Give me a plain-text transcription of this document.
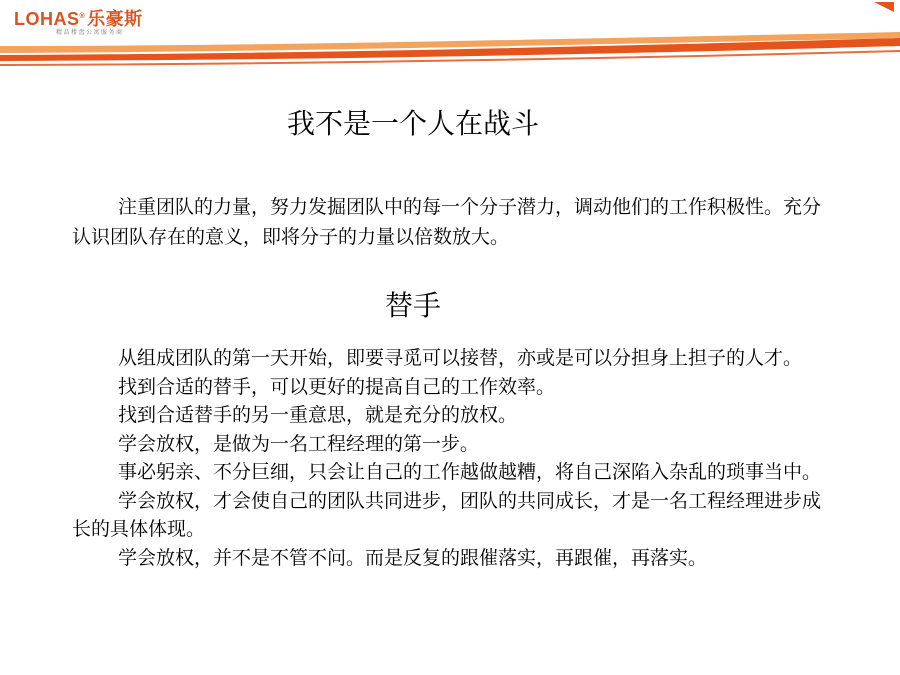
LOHAS® 乐豪斯
精品楼盘公寓服务商
我不是一个人在战斗

注重团队的力量，努力发掘团队中的每一个分子潜力，调动他们的工作积极性。充分认识团队存在的意义，即将分子的力量以倍数放大。

替手

从组成团队的第一天开始，即要寻觅可以接替，亦或是可以分担身上担子的人才。

找到合适的替手，可以更好的提高自己的工作效率。

找到合适替手的另一重意思，就是充分的放权。

学会放权，是做为一名工程经理的第一步。

事必躬亲、不分巨细，只会让自己的工作越做越糟，将自己深陷入杂乱的琐事当中。

学会放权，才会使自己的团队共同进步，团队的共同成长，才是一名工程经理进步成长的具体体现。

学会放权，并不是不管不问。而是反复的跟催落实，再跟催，再落实。
